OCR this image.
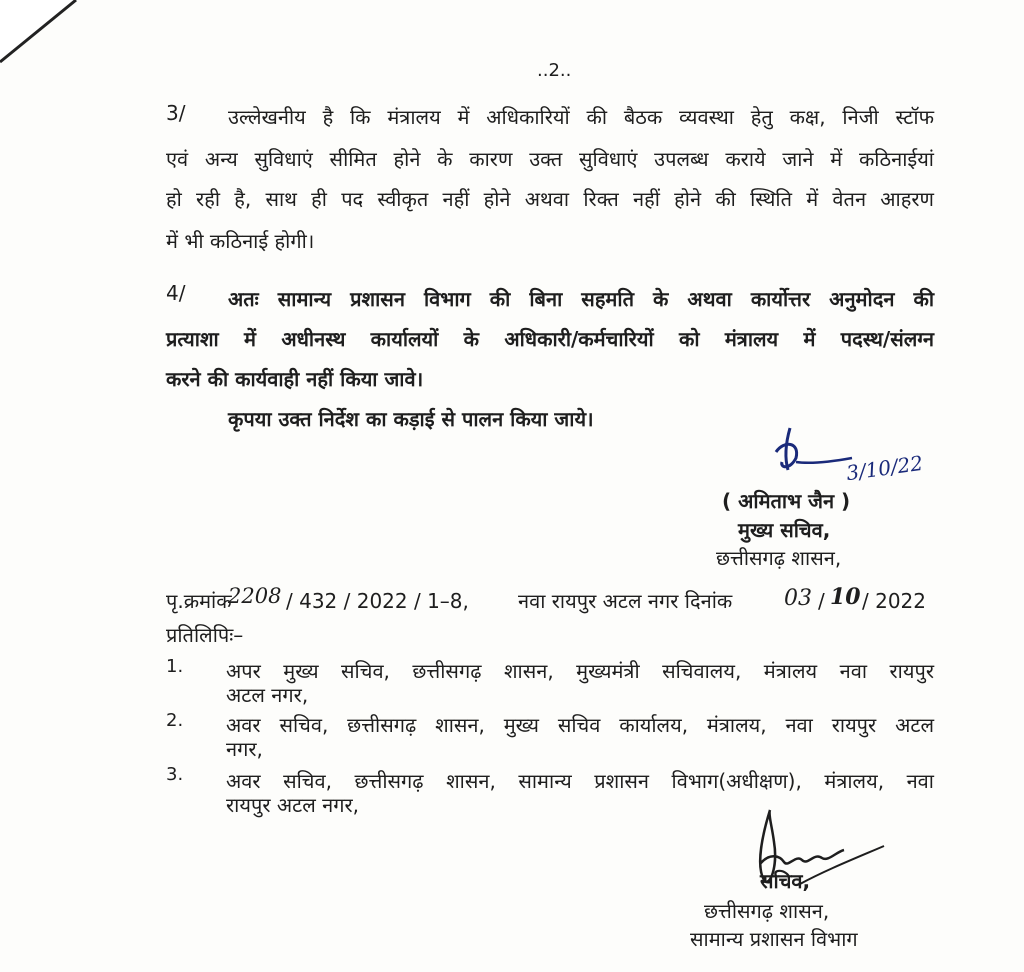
..2..
3/ उल्लेखनीय है कि मंत्रालय में अधिकारियों की बैठक व्यवस्था हेतु कक्ष, निजी स्टॉफ
एवं अन्य सुविधाएं सीमित होने के कारण उक्त सुविधाएं उपलब्ध कराये जाने में कठिनाईयां
हो रही है, साथ ही पद स्वीकृत नहीं होने अथवा रिक्त नहीं होने की स्थिति में वेतन आहरण
में भी कठिनाई होगी।
4/ अतः सामान्य प्रशासन विभाग की बिना सहमति के अथवा कार्योत्तर अनुमोदन की
प्रत्याशा में अधीनस्थ कार्यालयों के अधिकारी/कर्मचारियों को मंत्रालय में पदस्थ/संलग्न
करने की कार्यवाही नहीं किया जावे।
कृपया उक्त निर्देश का कड़ाई से पालन किया जाये।
3/10/22
( अमिताभ जैन )
मुख्य सचिव,
छत्तीसगढ़ शासन,
पृ.क्रमांक
2208 / 432 / 2022 / 1–8, नवा रायपुर अटल नगर दिनांक 03 / 10 / 2022
प्रतिलिपिः–
1. अपर मुख्य सचिव, छत्तीसगढ़ शासन, मुख्यमंत्री सचिवालय, मंत्रालय नवा रायपुर
अटल नगर,
2. अवर सचिव, छत्तीसगढ़ शासन, मुख्य सचिव कार्यालय, मंत्रालय, नवा रायपुर अटल
नगर,
3. अवर सचिव, छत्तीसगढ़ शासन, सामान्य प्रशासन विभाग(अधीक्षण), मंत्रालय, नवा
रायपुर अटल नगर,
सचिव,
छत्तीसगढ़ शासन,
सामान्य प्रशासन विभाग
